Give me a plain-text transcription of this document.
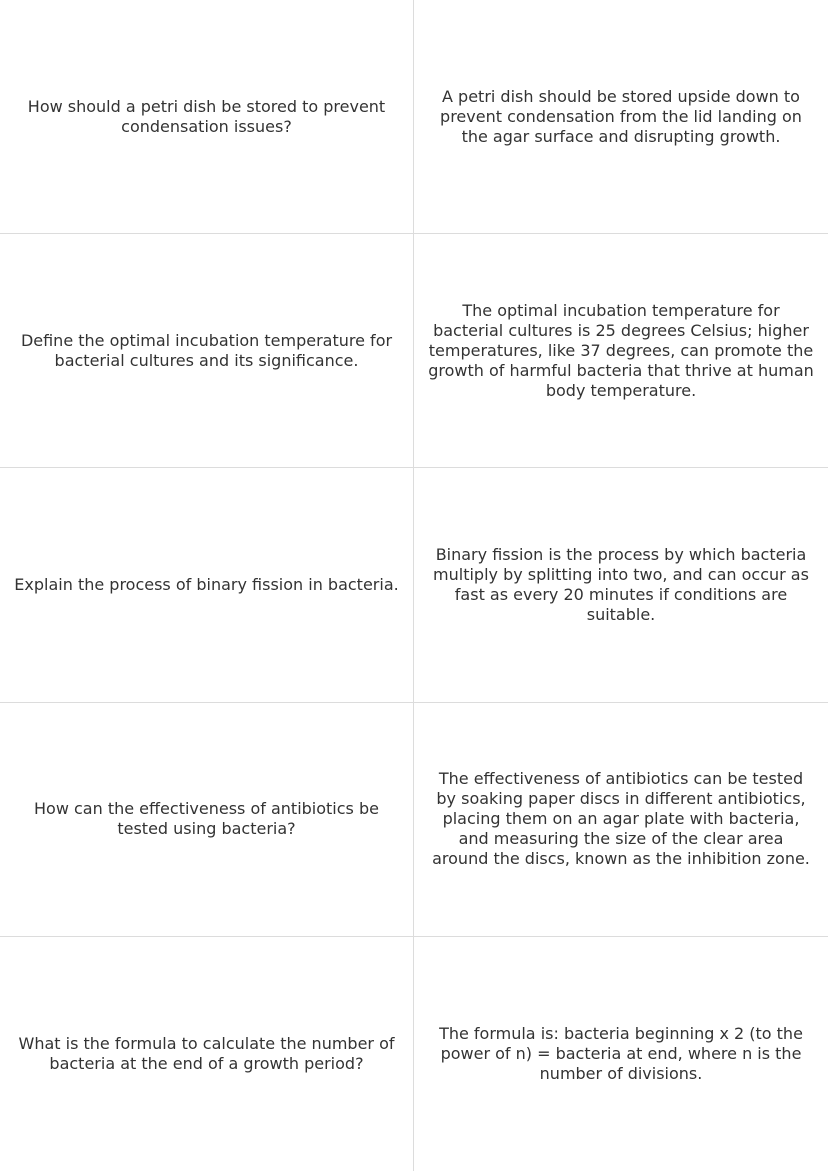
How should a petri dish be stored to prevent condensation issues?
A petri dish should be stored upside down to prevent condensation from the lid landing on the agar surface and disrupting growth.
Define the optimal incubation temperature for bacterial cultures and its significance.
The optimal incubation temperature for bacterial cultures is 25 degrees Celsius; higher temperatures, like 37 degrees, can promote the growth of harmful bacteria that thrive at human body temperature.
Explain the process of binary fission in bacteria.
Binary fission is the process by which bacteria multiply by splitting into two, and can occur as fast as every 20 minutes if conditions are suitable.
How can the effectiveness of antibiotics be tested using bacteria?
The effectiveness of antibiotics can be tested by soaking paper discs in different antibiotics, placing them on an agar plate with bacteria, and measuring the size of the clear area around the discs, known as the inhibition zone.
What is the formula to calculate the number of bacteria at the end of a growth period?
The formula is: bacteria beginning x 2 (to the power of n) = bacteria at end, where n is the number of divisions.
